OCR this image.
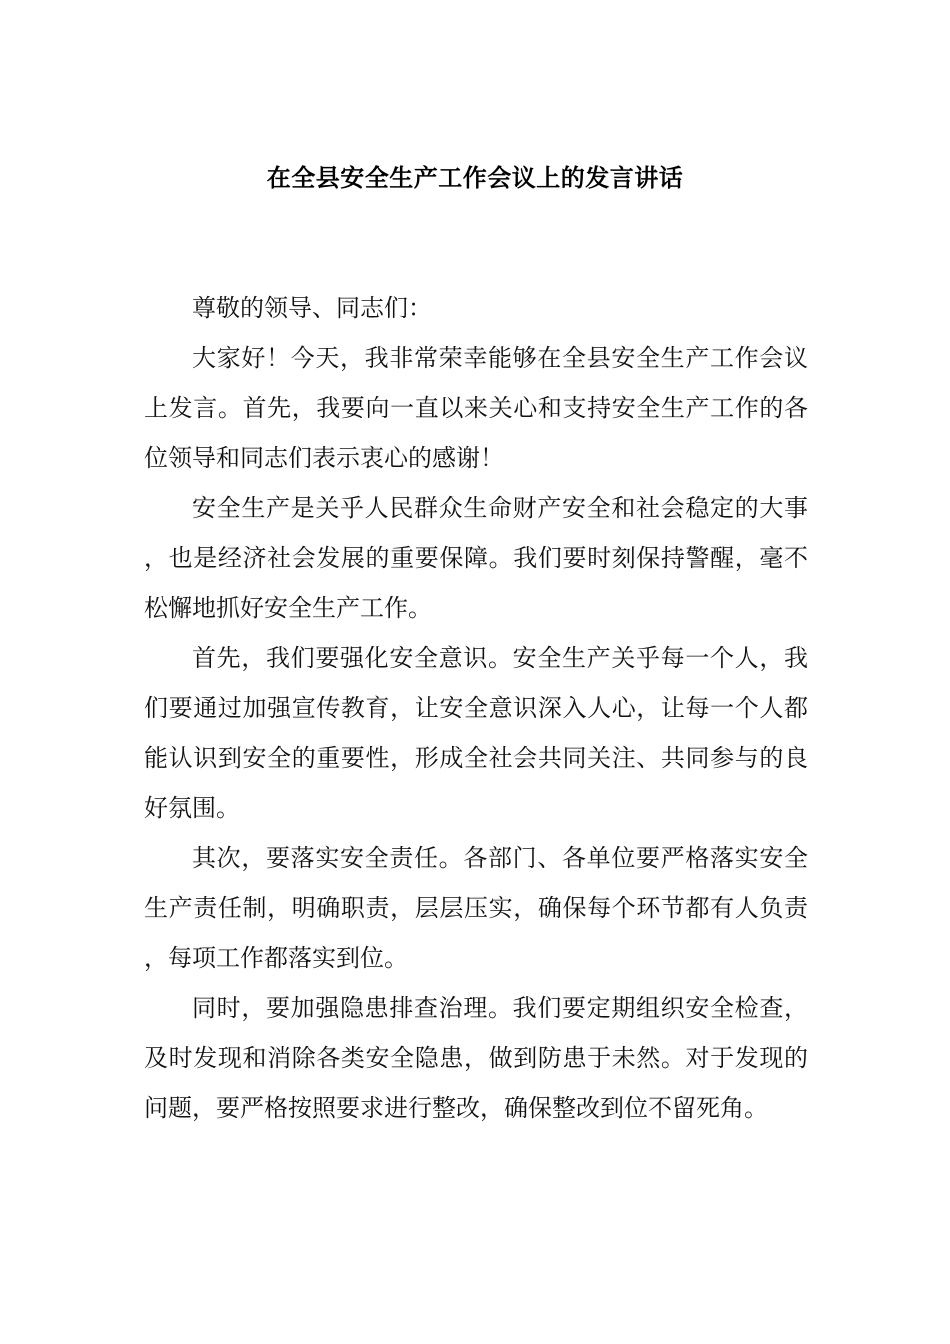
在全县安全生产工作会议上的发言讲话

尊敬的领导、同志们：

大家好！今天，我非常荣幸能够在全县安全生产工作会议上发言。首先，我要向一直以来关心和支持安全生产工作的各位领导和同志们表示衷心的感谢！

安全生产是关乎人民群众生命财产安全和社会稳定的大事，也是经济社会发展的重要保障。我们要时刻保持警醒，毫不松懈地抓好安全生产工作。

首先，我们要强化安全意识。安全生产关乎每一个人，我们要通过加强宣传教育，让安全意识深入人心，让每一个人都能认识到安全的重要性，形成全社会共同关注、共同参与的良好氛围。

其次，要落实安全责任。各部门、各单位要严格落实安全生产责任制，明确职责，层层压实，确保每个环节都有人负责，每项工作都落实到位。

同时，要加强隐患排查治理。我们要定期组织安全检查，及时发现和消除各类安全隐患，做到防患于未然。对于发现的问题，要严格按照要求进行整改，确保整改到位不留死角。
